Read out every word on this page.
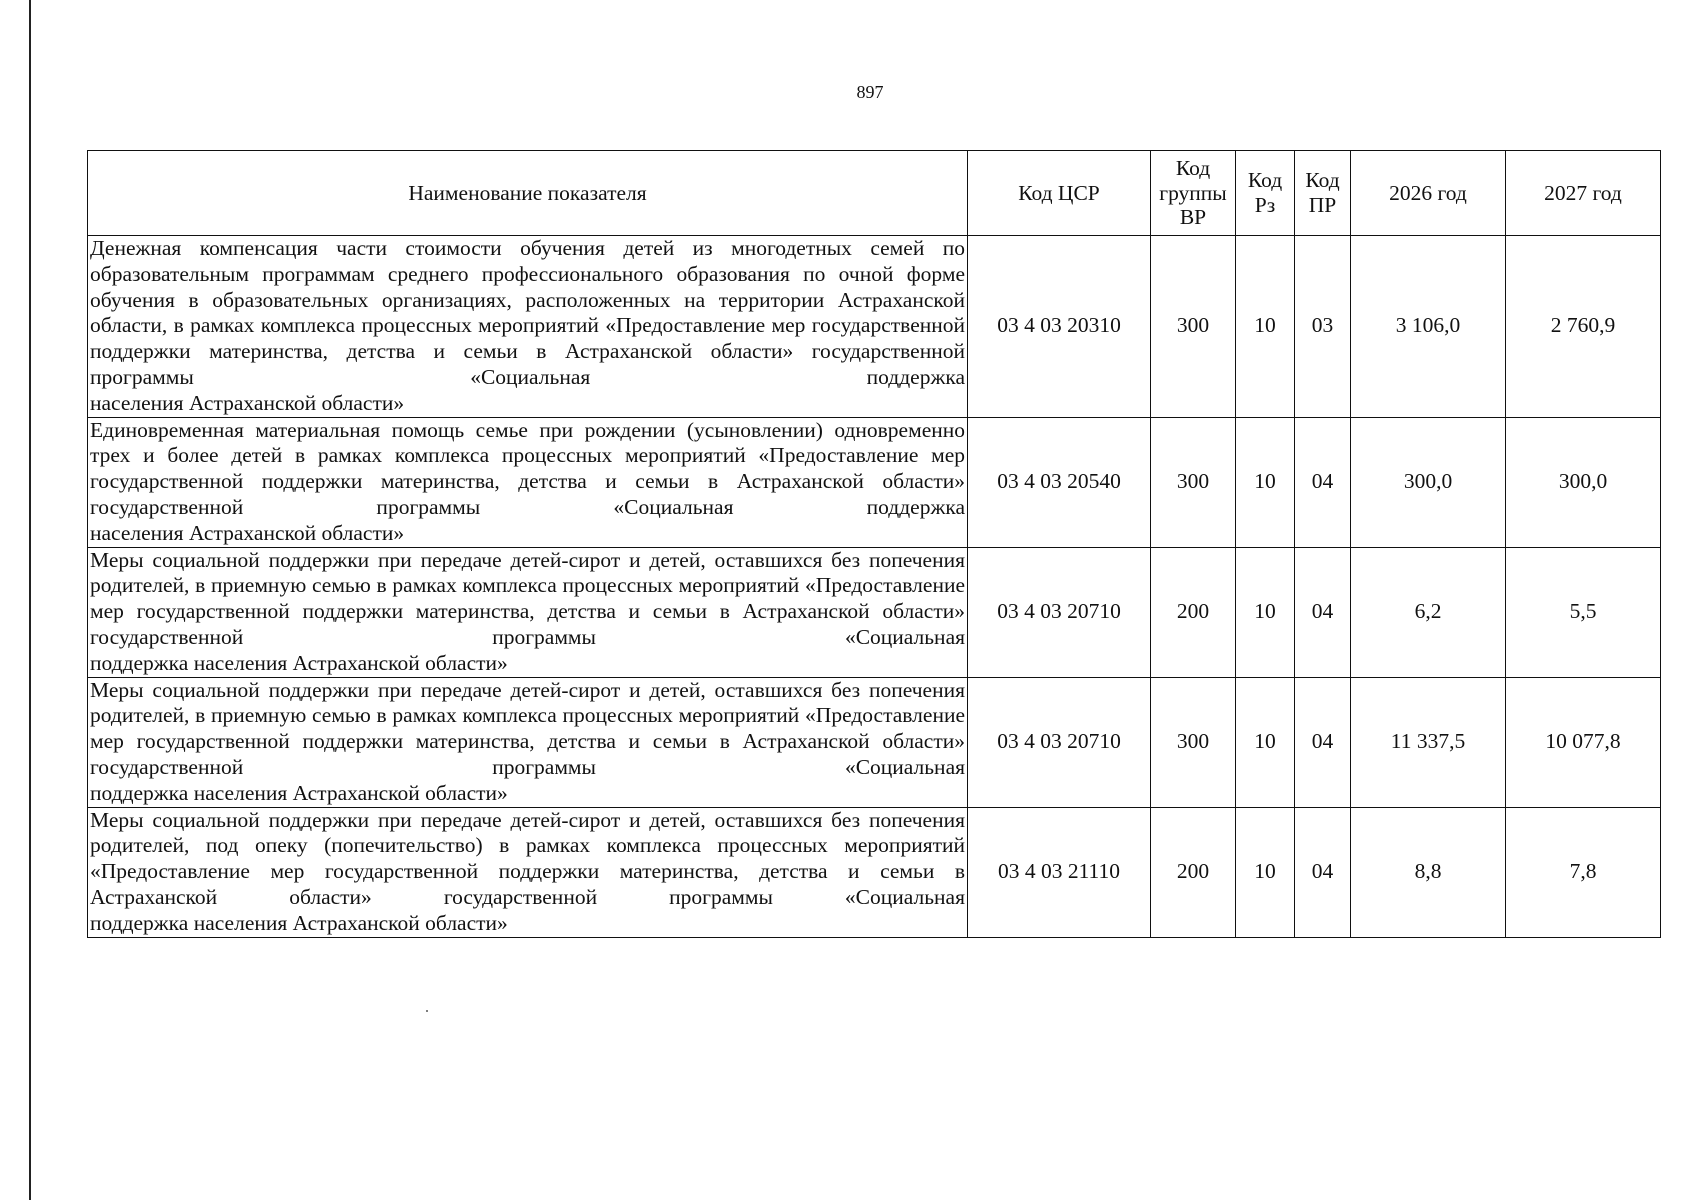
897
Наименование показателя	Код ЦСР	Код группы ВР	Код Рз	Код ПР	2026 год	2027 год
Денежная компенсация части стоимости обучения детей из многодетных семей по образовательным программам среднего профессионального образования по очной форме обучения в образовательных организациях, расположенных на территории Астраханской области, в рамках комплекса процессных мероприятий «Предоставление мер государственной поддержки материнства, детства и семьи в Астраханской области» государственной программы «Социальная поддержка
населения Астраханской области»	03 4 03 20310	300	10	03	3 106,0	2 760,9
Единовременная материальная помощь семье при рождении (усыновлении) одновременно трех и более детей в рамках комплекса процессных мероприятий «Предоставление мер государственной поддержки материнства, детства и семьи в Астраханской области» государственной программы «Социальная поддержка
населения Астраханской области»	03 4 03 20540	300	10	04	300,0	300,0
Меры социальной поддержки при передаче детей-сирот и детей, оставшихся без попечения родителей, в приемную семью в рамках комплекса процессных мероприятий «Предоставление мер государственной поддержки материнства, детства и семьи в Астраханской области» государственной программы «Социальная
поддержка населения Астраханской области»	03 4 03 20710	200	10	04	6,2	5,5
Меры социальной поддержки при передаче детей-сирот и детей, оставшихся без попечения родителей, в приемную семью в рамках комплекса процессных мероприятий «Предоставление мер государственной поддержки материнства, детства и семьи в Астраханской области» государственной программы «Социальная
поддержка населения Астраханской области»	03 4 03 20710	300	10	04	11 337,5	10 077,8
Меры социальной поддержки при передаче детей-сирот и детей, оставшихся без попечения родителей, под опеку (попечительство) в рамках комплекса процессных мероприятий «Предоставление мер государственной поддержки материнства, детства и семьи в Астраханской области» государственной программы «Социальная
поддержка населения Астраханской области»	03 4 03 21110	200	10	04	8,8	7,8
